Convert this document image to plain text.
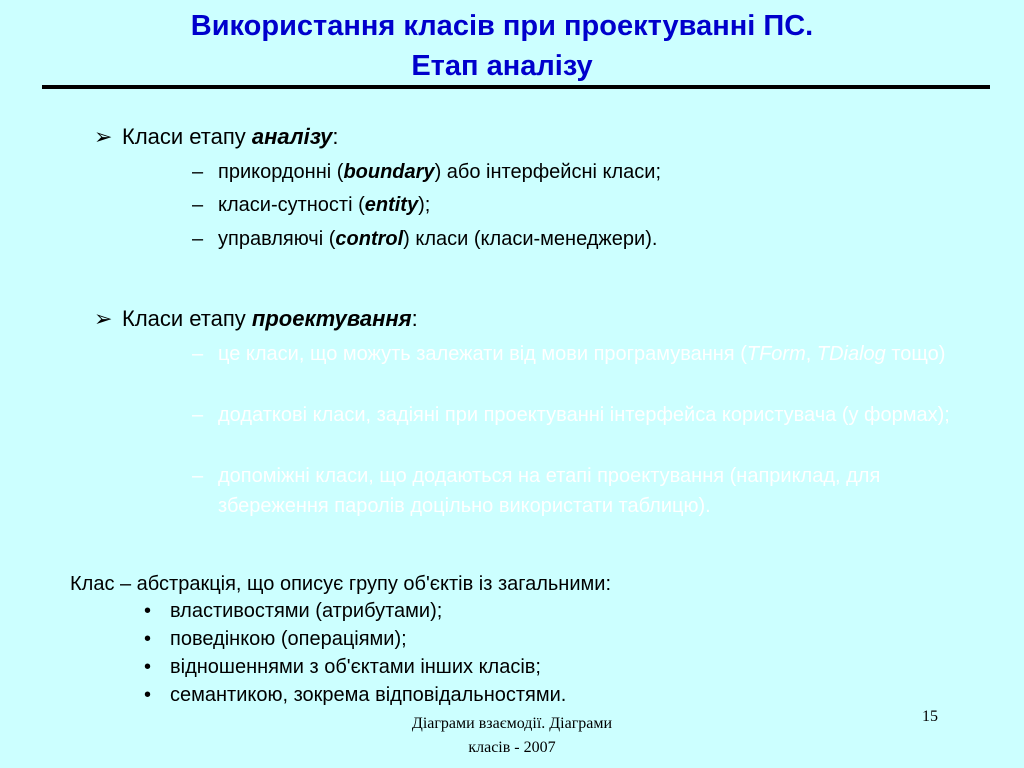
Використання класів при проектуванні ПС.
Етап аналізу
➢ Класи етапу аналізу:
– прикордонні (boundary) або інтерфейсні класи;
– класи-сутності (entity);
– управляючі (control) класи (класи-менеджери).
➢ Класи етапу проектування:
– це класи, що можуть залежати від мови програмування (TForm, TDialog тощо)
– додаткові класи, задіяні при проектуванні інтерфейса користувача (у формах);
– допоміжні класи, що додаються на етапі проектування (наприклад, для збереження паролів доцільно використати таблицю).
Клас – абстракція, що описує групу об'єктів із загальними:
• властивостями (атрибутами);
• поведінкою (операціями);
• відношеннями з об'єктами інших класів;
• семантикою, зокрема відповідальностями.
Діаграми взаємодії. Діаграми
класів - 2007
15
